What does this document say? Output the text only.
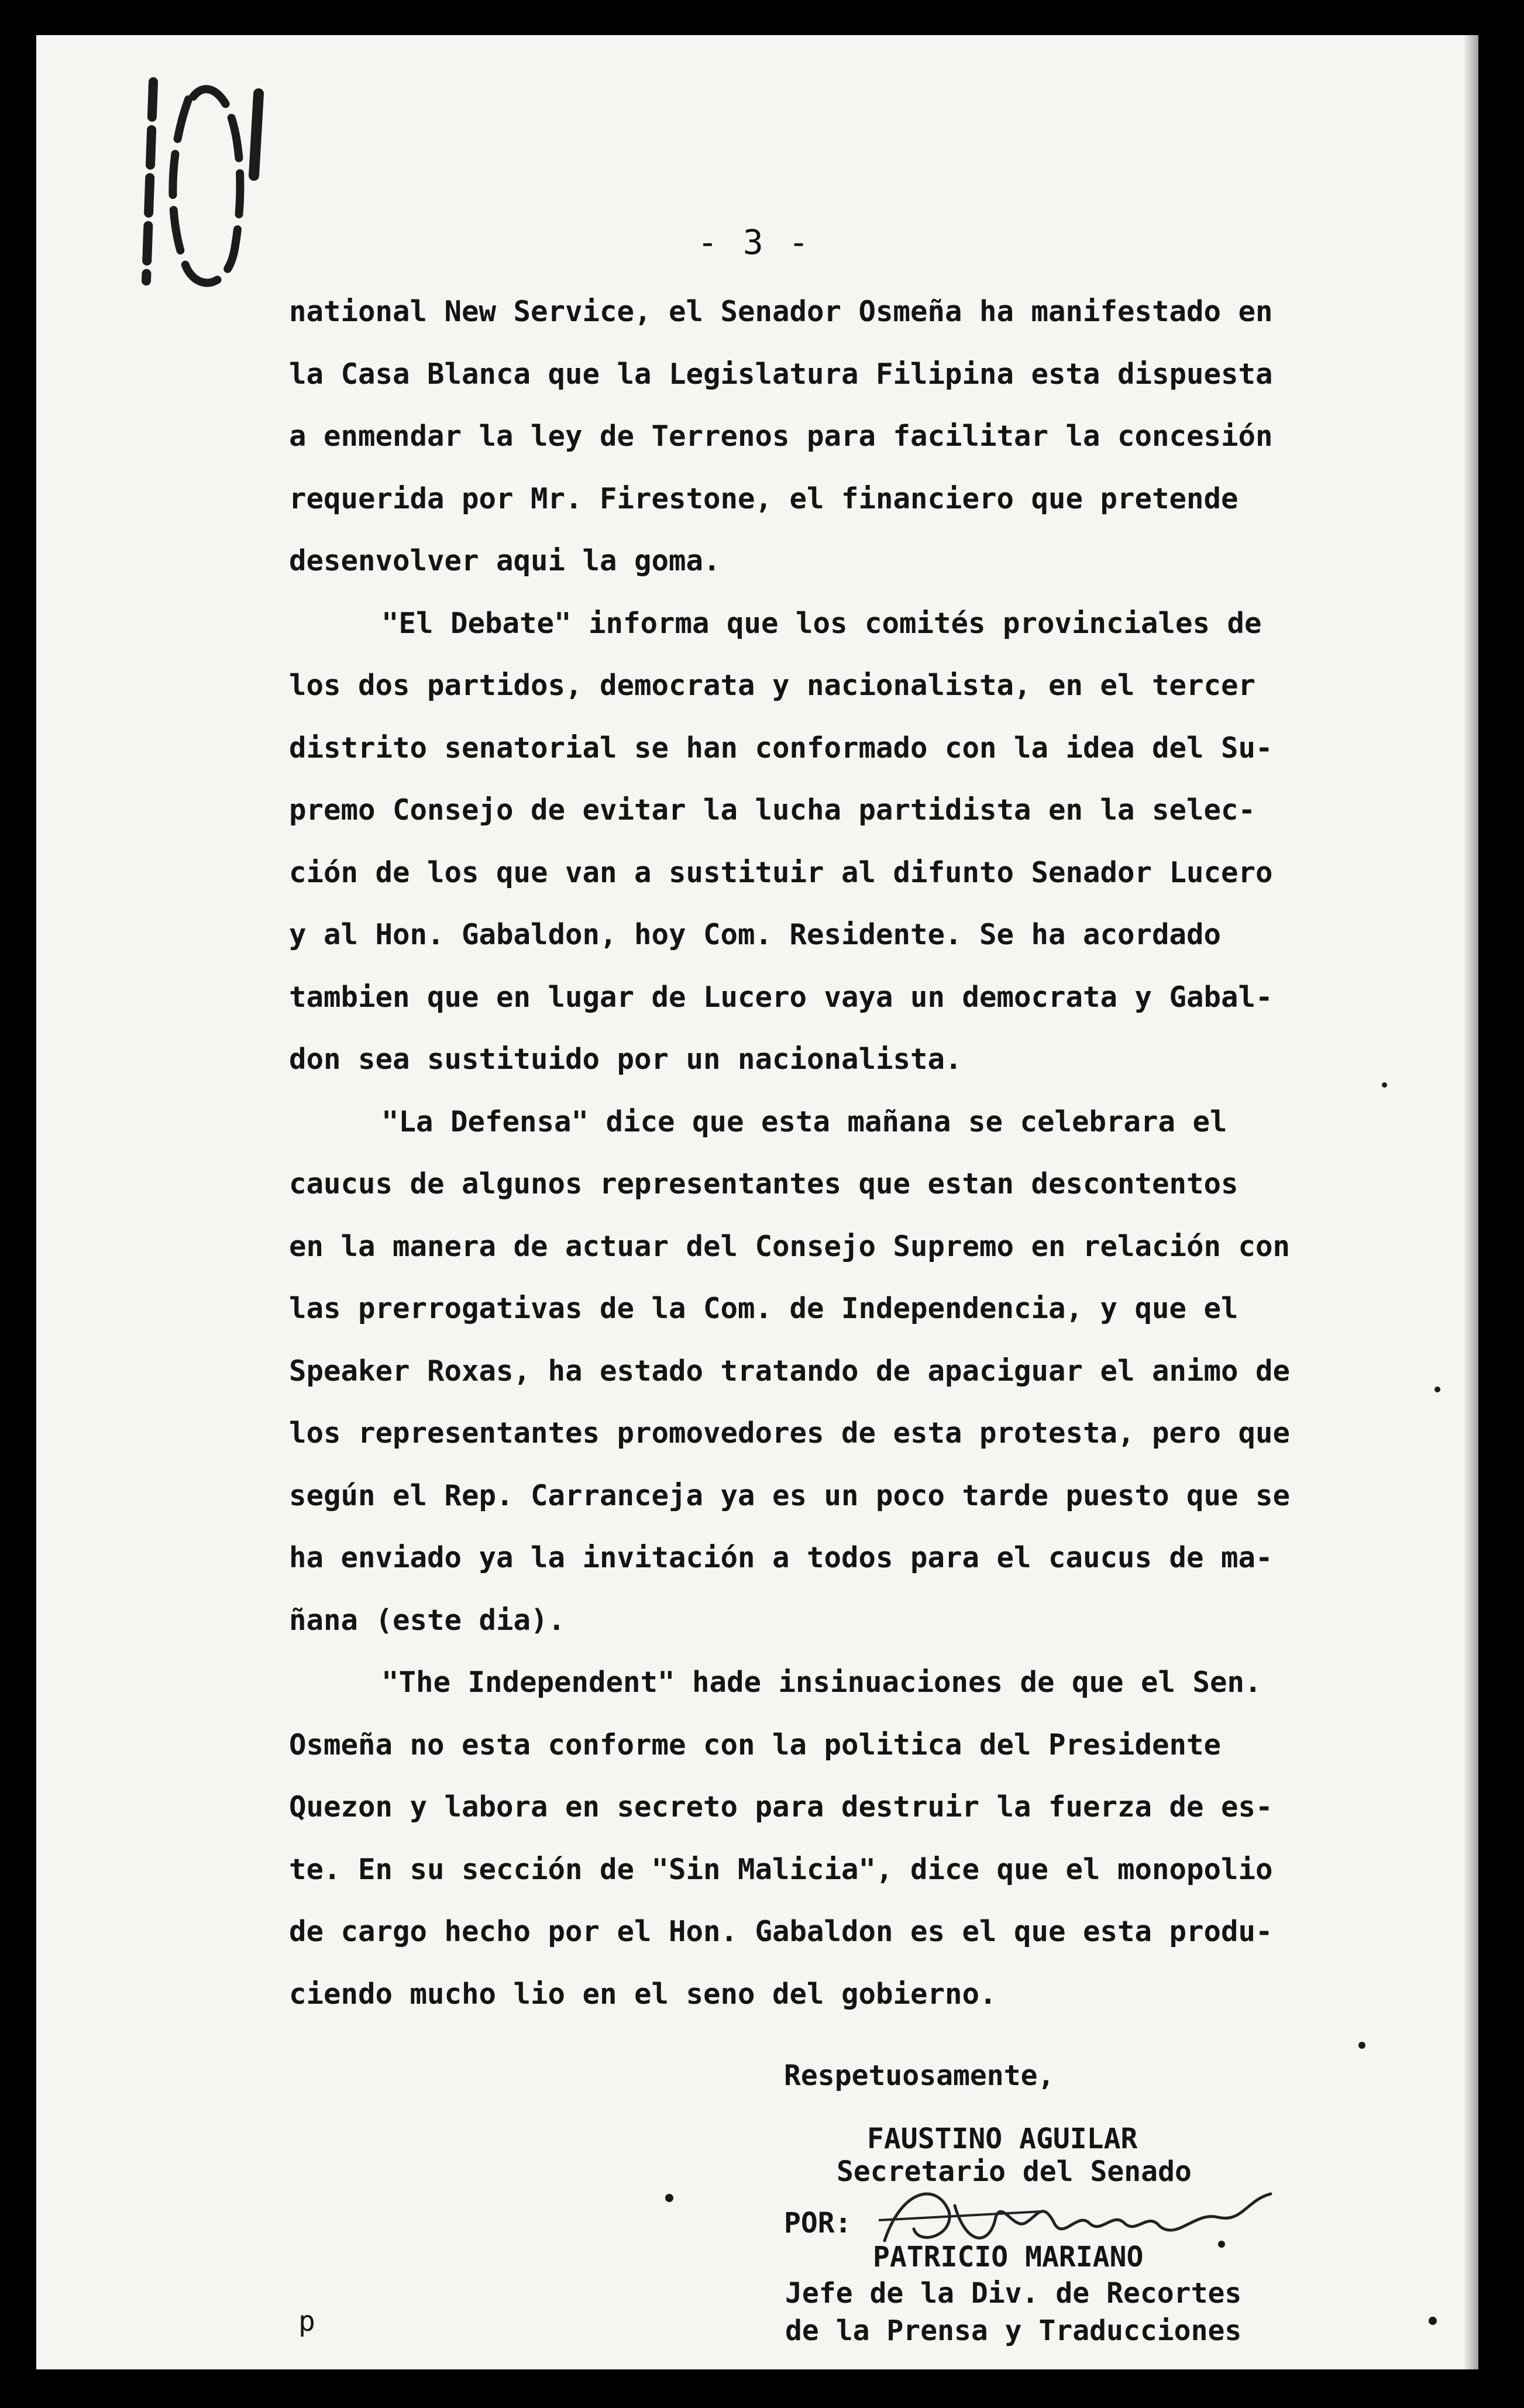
- 3 -
national New Service, el Senador Osmeña ha manifestado en
la Casa Blanca que la Legislatura Filipina esta dispuesta
a enmendar la ley de Terrenos para facilitar la concesión
requerida por Mr. Firestone, el financiero que pretende
desenvolver aqui la goma.
"El Debate" informa que los comités provinciales de
los dos partidos, democrata y nacionalista, en el tercer
distrito senatorial se han conformado con la idea del Su-
premo Consejo de evitar la lucha partidista en la selec-
ción de los que van a sustituir al difunto Senador Lucero
y al Hon. Gabaldon, hoy Com. Residente. Se ha acordado
tambien que en lugar de Lucero vaya un democrata y Gabal-
don sea sustituido por un nacionalista.
"La Defensa" dice que esta mañana se celebrara el
caucus de algunos representantes que estan descontentos
en la manera de actuar del Consejo Supremo en relación con
las prerrogativas de la Com. de Independencia, y que el
Speaker Roxas, ha estado tratando de apaciguar el animo de
los representantes promovedores de esta protesta, pero que
según el Rep. Carranceja ya es un poco tarde puesto que se
ha enviado ya la invitación a todos para el caucus de ma-
ñana (este dia).
"The Independent" hade insinuaciones de que el Sen.
Osmeña no esta conforme con la politica del Presidente
Quezon y labora en secreto para destruir la fuerza de es-
te. En su sección de "Sin Malicia", dice que el monopolio
de cargo hecho por el Hon. Gabaldon es el que esta produ-
ciendo mucho lio en el seno del gobierno.
Respetuosamente,
FAUSTINO AGUILAR
Secretario del Senado
POR:
PATRICIO MARIANO
Jefe de la Div. de Recortes
de la Prensa y Traducciones
p
